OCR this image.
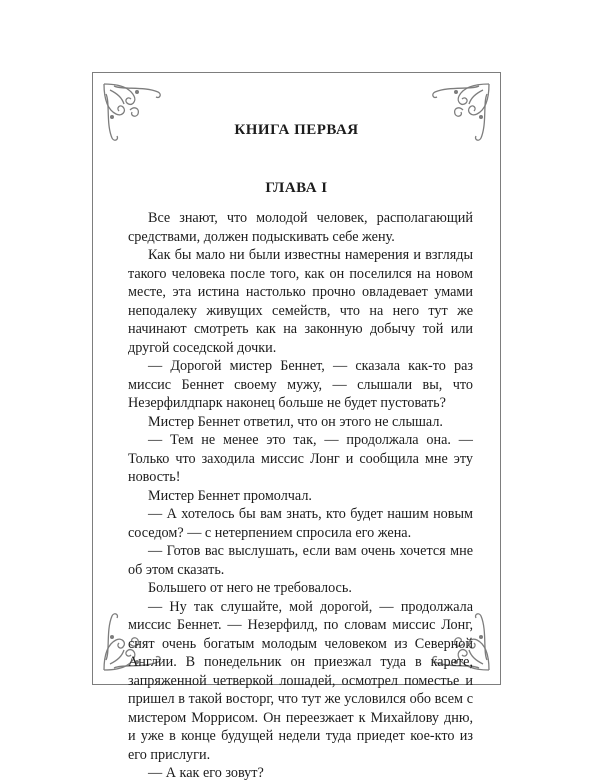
КНИГА ПЕРВАЯ
ГЛАВА I

Все знают, что молодой человек, располагающий средствами, должен подыскивать себе жену.

Как бы мало ни были известны намерения и взгляды такого человека после того, как он поселился на новом месте, эта истина настолько прочно овладевает умами неподалеку живущих семейств, что на него тут же начинают смотреть как на законную добычу той или другой соседской дочки.

— Дорогой мистер Беннет, — сказала как-то раз миссис Беннет своему мужу, — слышали вы, что Незерфилдпарк наконец больше не будет пустовать?

Мистер Беннет ответил, что он этого не слышал.

— Тем не менее это так, — продолжала она. — Только что заходила миссис Лонг и сообщила мне эту новость!

Мистер Беннет промолчал.

— А хотелось бы вам знать, кто будет нашим новым соседом? — с нетерпением спросила его жена.

— Готов вас выслушать, если вам очень хочется мне об этом сказать.

Большего от него не требовалось.

— Ну так слушайте, мой дорогой, — продолжала миссис Беннет. — Незерфилд, по словам миссис Лонг, снят очень богатым молодым человеком из Северной Англии. В понедельник он приезжал туда в карете, запряженной четверкой лошадей, осмотрел поместье и пришел в такой восторг, что тут же условился обо всем с мистером Моррисом. Он переезжает к Михайлову дню, и уже в конце будущей недели туда приедет кое-кто из его прислуги.

— А как его зовут?
